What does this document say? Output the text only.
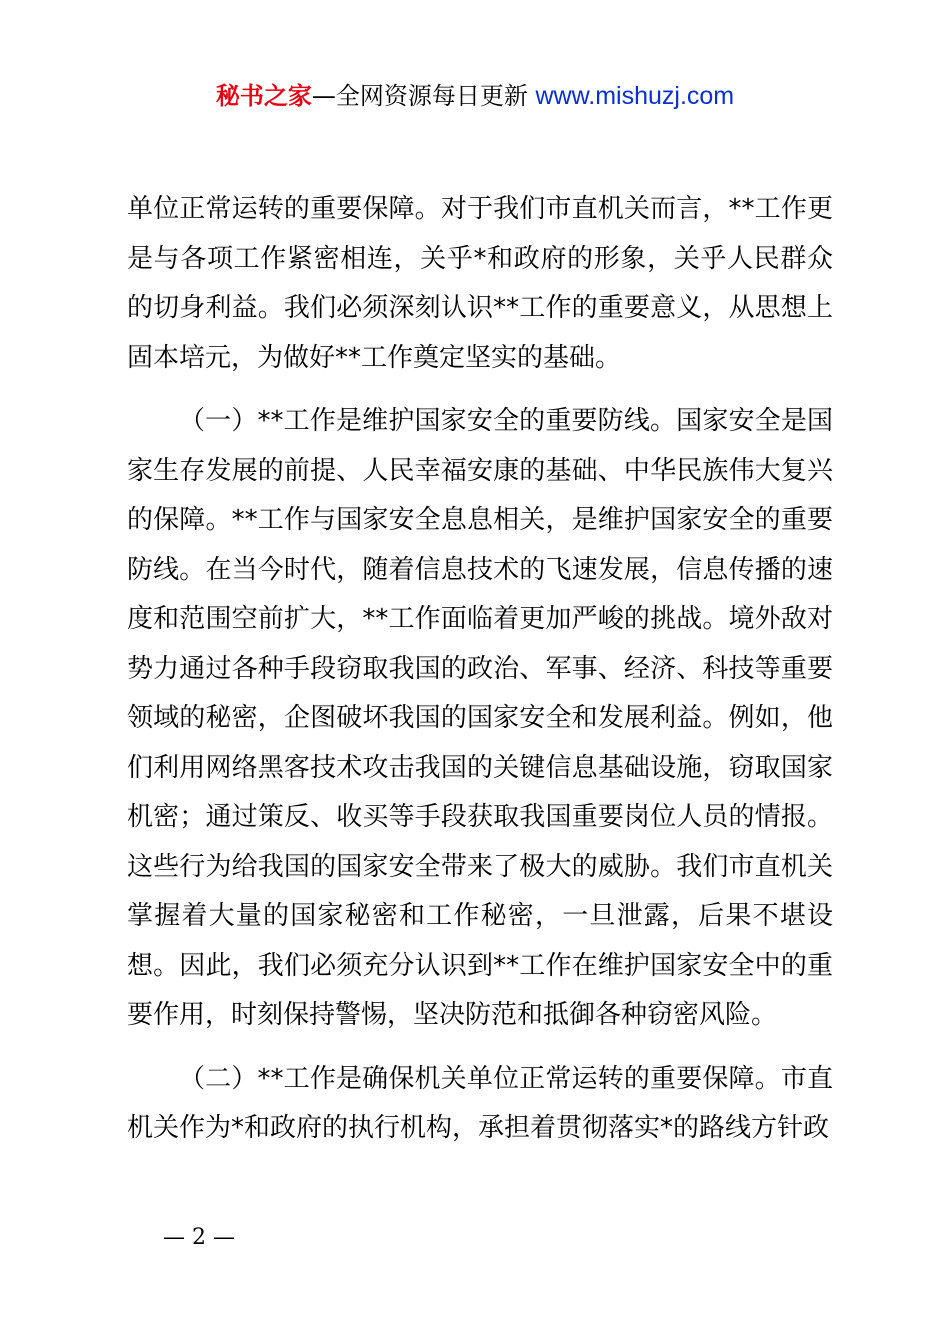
秘书之家—全网资源每日更新 www.mishuzj.com

单位正常运转的重要保障。对于我们市直机关而言，**工作更是与各项工作紧密相连，关乎*和政府的形象，关乎人民群众的切身利益。我们必须深刻认识**工作的重要意义，从思想上固本培元，为做好**工作奠定坚实的基础。

（一）**工作是维护国家安全的重要防线。国家安全是国家生存发展的前提、人民幸福安康的基础、中华民族伟大复兴的保障。**工作与国家安全息息相关，是维护国家安全的重要防线。在当今时代，随着信息技术的飞速发展，信息传播的速度和范围空前扩大，**工作面临着更加严峻的挑战。境外敌对势力通过各种手段窃取我国的政治、军事、经济、科技等重要领域的秘密，企图破坏我国的国家安全和发展利益。例如，他们利用网络黑客技术攻击我国的关键信息基础设施，窃取国家机密；通过策反、收买等手段获取我国重要岗位人员的情报。这些行为给我国的国家安全带来了极大的威胁。我们市直机关掌握着大量的国家秘密和工作秘密，一旦泄露，后果不堪设想。因此，我们必须充分认识到**工作在维护国家安全中的重要作用，时刻保持警惕，坚决防范和抵御各种窃密风险。

（二）**工作是确保机关单位正常运转的重要保障。市直机关作为*和政府的执行机构，承担着贯彻落实*的路线方针政

— 2 —
